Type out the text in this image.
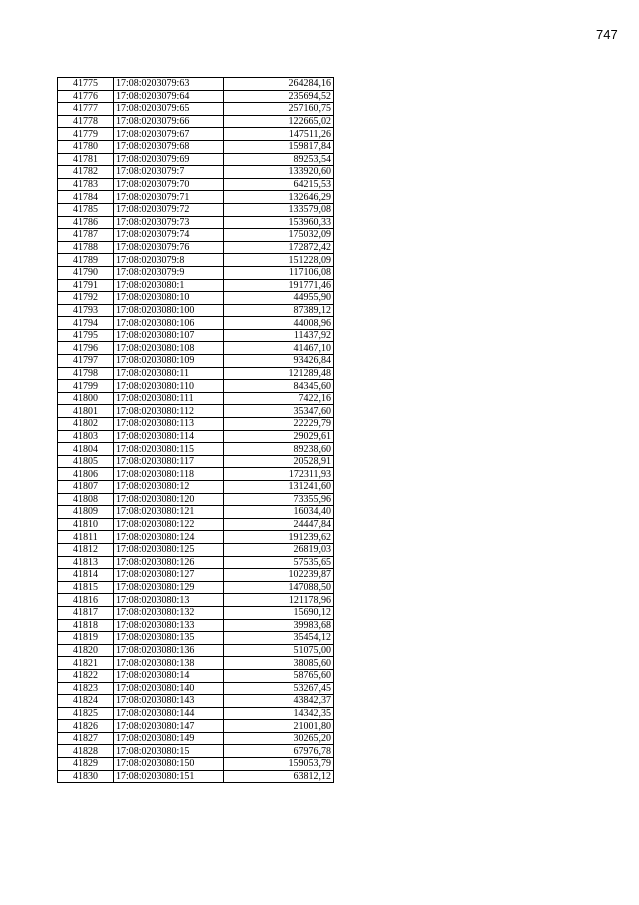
747
41775	17:08:0203079:63	264284,16
41776	17:08:0203079:64	235694,52
41777	17:08:0203079:65	257160,75
41778	17:08:0203079:66	122665,02
41779	17:08:0203079:67	147511,26
41780	17:08:0203079:68	159817,84
41781	17:08:0203079:69	89253,54
41782	17:08:0203079:7	133920,60
41783	17:08:0203079:70	64215,53
41784	17:08:0203079:71	132646,29
41785	17:08:0203079:72	133579,08
41786	17:08:0203079:73	153960,33
41787	17:08:0203079:74	175032,09
41788	17:08:0203079:76	172872,42
41789	17:08:0203079:8	151228,09
41790	17:08:0203079:9	117106,08
41791	17:08:0203080:1	191771,46
41792	17:08:0203080:10	44955,90
41793	17:08:0203080:100	87389,12
41794	17:08:0203080:106	44008,96
41795	17:08:0203080:107	11437,92
41796	17:08:0203080:108	41467,10
41797	17:08:0203080:109	93426,84
41798	17:08:0203080:11	121289,48
41799	17:08:0203080:110	84345,60
41800	17:08:0203080:111	7422,16
41801	17:08:0203080:112	35347,60
41802	17:08:0203080:113	22229,79
41803	17:08:0203080:114	29029,61
41804	17:08:0203080:115	89238,60
41805	17:08:0203080:117	20528,91
41806	17:08:0203080:118	172311,93
41807	17:08:0203080:12	131241,60
41808	17:08:0203080:120	73355,96
41809	17:08:0203080:121	16034,40
41810	17:08:0203080:122	24447,84
41811	17:08:0203080:124	191239,62
41812	17:08:0203080:125	26819,03
41813	17:08:0203080:126	57535,65
41814	17:08:0203080:127	102239,87
41815	17:08:0203080:129	147088,50
41816	17:08:0203080:13	121178,96
41817	17:08:0203080:132	15690,12
41818	17:08:0203080:133	39983,68
41819	17:08:0203080:135	35454,12
41820	17:08:0203080:136	51075,00
41821	17:08:0203080:138	38085,60
41822	17:08:0203080:14	58765,60
41823	17:08:0203080:140	53267,45
41824	17:08:0203080:143	43842,37
41825	17:08:0203080:144	14342,35
41826	17:08:0203080:147	21001,80
41827	17:08:0203080:149	30265,20
41828	17:08:0203080:15	67976,78
41829	17:08:0203080:150	159053,79
41830	17:08:0203080:151	63812,12
